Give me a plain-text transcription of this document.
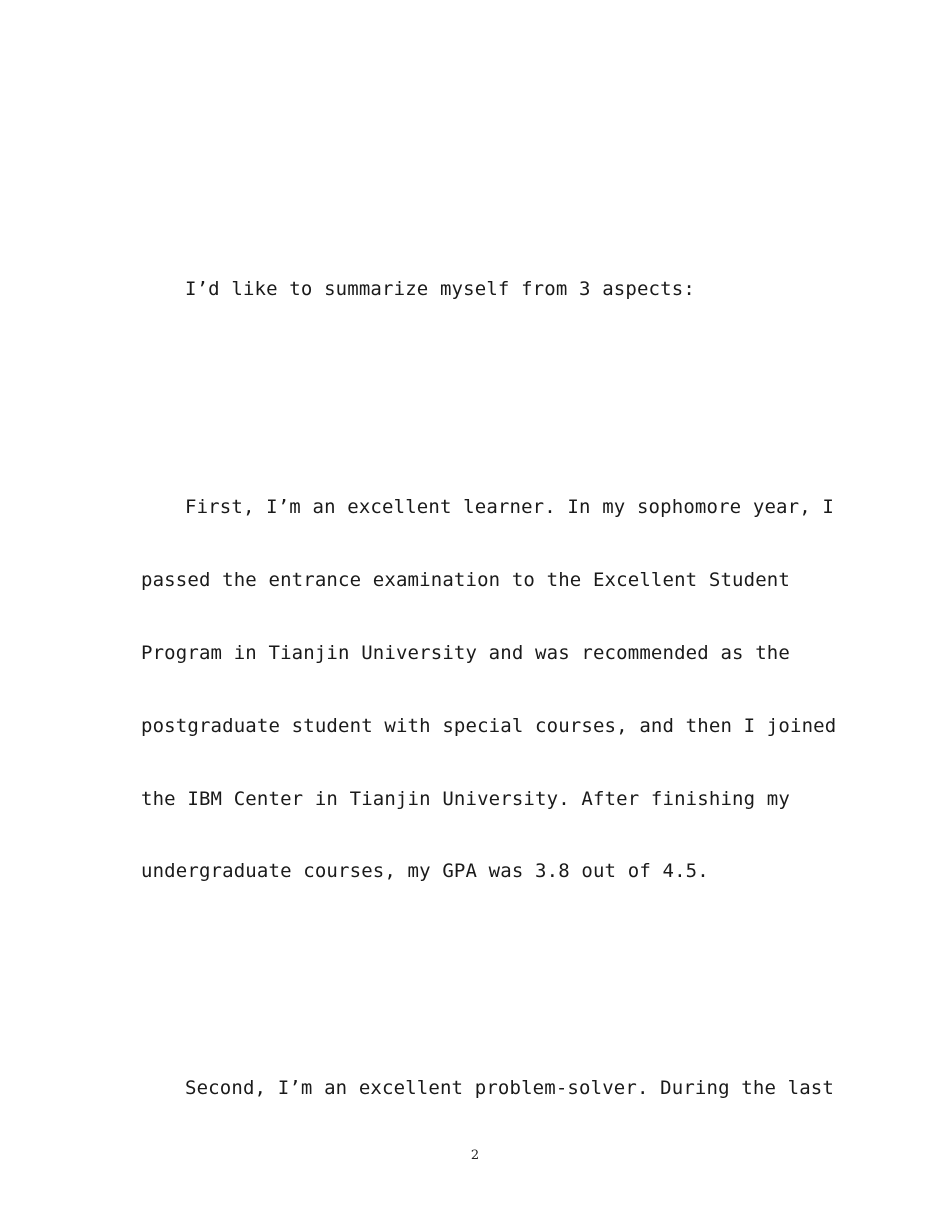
I’d like to summarize myself from 3 aspects:
First, I’m an excellent learner. In my sophomore year, I
passed the entrance examination to the Excellent Student
Program in Tianjin University and was recommended as the
postgraduate student with special courses, and then I joined
the IBM Center in Tianjin University. After finishing my
undergraduate courses, my GPA was 3.8 out of 4.5.
Second, I’m an excellent problem-solver. During the last
2
